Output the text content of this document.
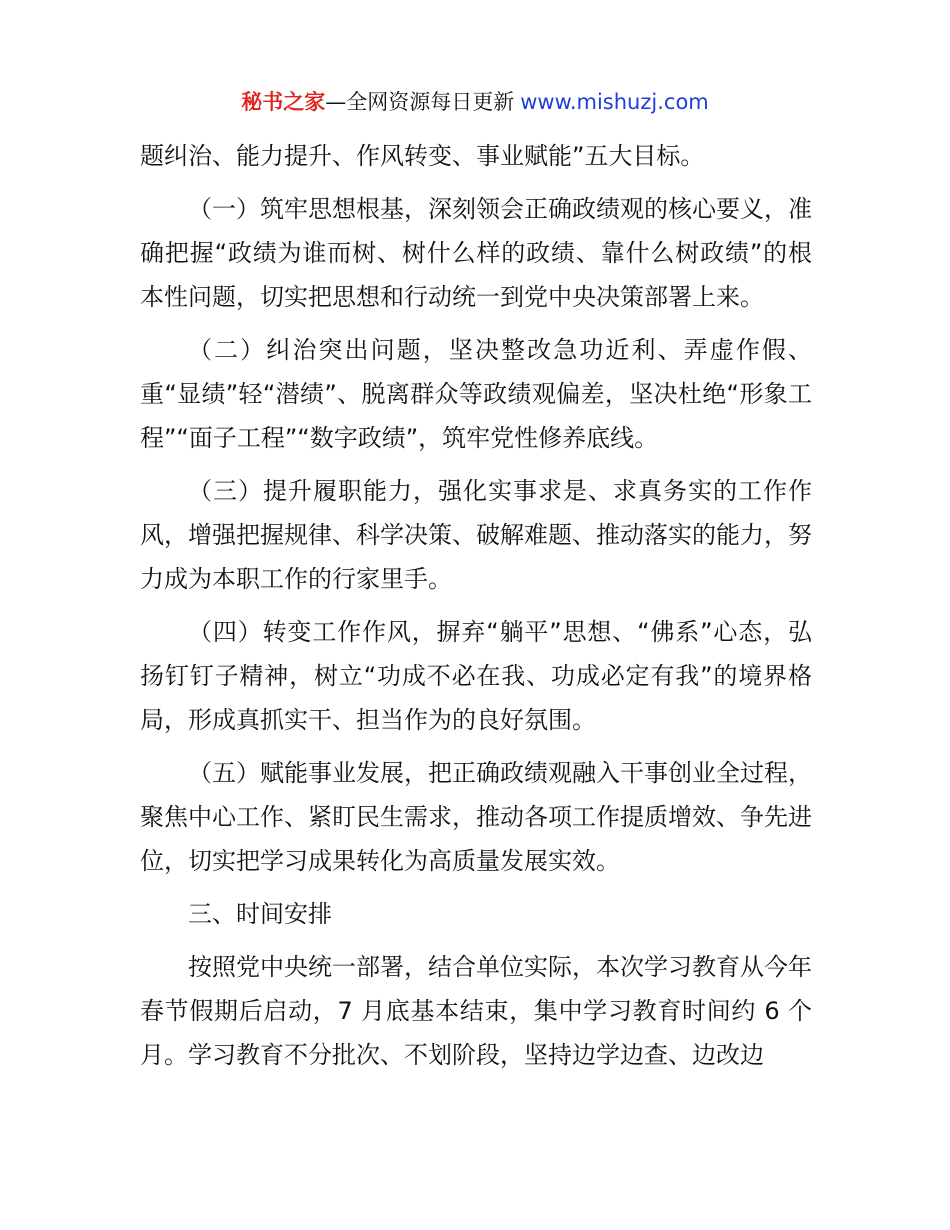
秘书之家—全网资源每日更新 www.mishuzj.com

题纠治、能力提升、作风转变、事业赋能”五大目标。

（一）筑牢思想根基，深刻领会正确政绩观的核心要义，准确把握“政绩为谁而树、树什么样的政绩、靠什么树政绩”的根本性问题，切实把思想和行动统一到党中央决策部署上来。

（二）纠治突出问题，坚决整改急功近利、弄虚作假、重“显绩”轻“潜绩”、脱离群众等政绩观偏差，坚决杜绝“形象工程”“面子工程”“数字政绩”，筑牢党性修养底线。

（三）提升履职能力，强化实事求是、求真务实的工作作风，增强把握规律、科学决策、破解难题、推动落实的能力，努力成为本职工作的行家里手。

（四）转变工作作风，摒弃“躺平”思想、“佛系”心态，弘扬钉钉子精神，树立“功成不必在我、功成必定有我”的境界格局，形成真抓实干、担当作为的良好氛围。

（五）赋能事业发展，把正确政绩观融入干事创业全过程，聚焦中心工作、紧盯民生需求，推动各项工作提质增效、争先进位，切实把学习成果转化为高质量发展实效。

三、时间安排

按照党中央统一部署，结合单位实际，本次学习教育从今年春节假期后启动，7 月底基本结束，集中学习教育时间约 6 个月。学习教育不分批次、不划阶段，坚持边学边查、边改边
